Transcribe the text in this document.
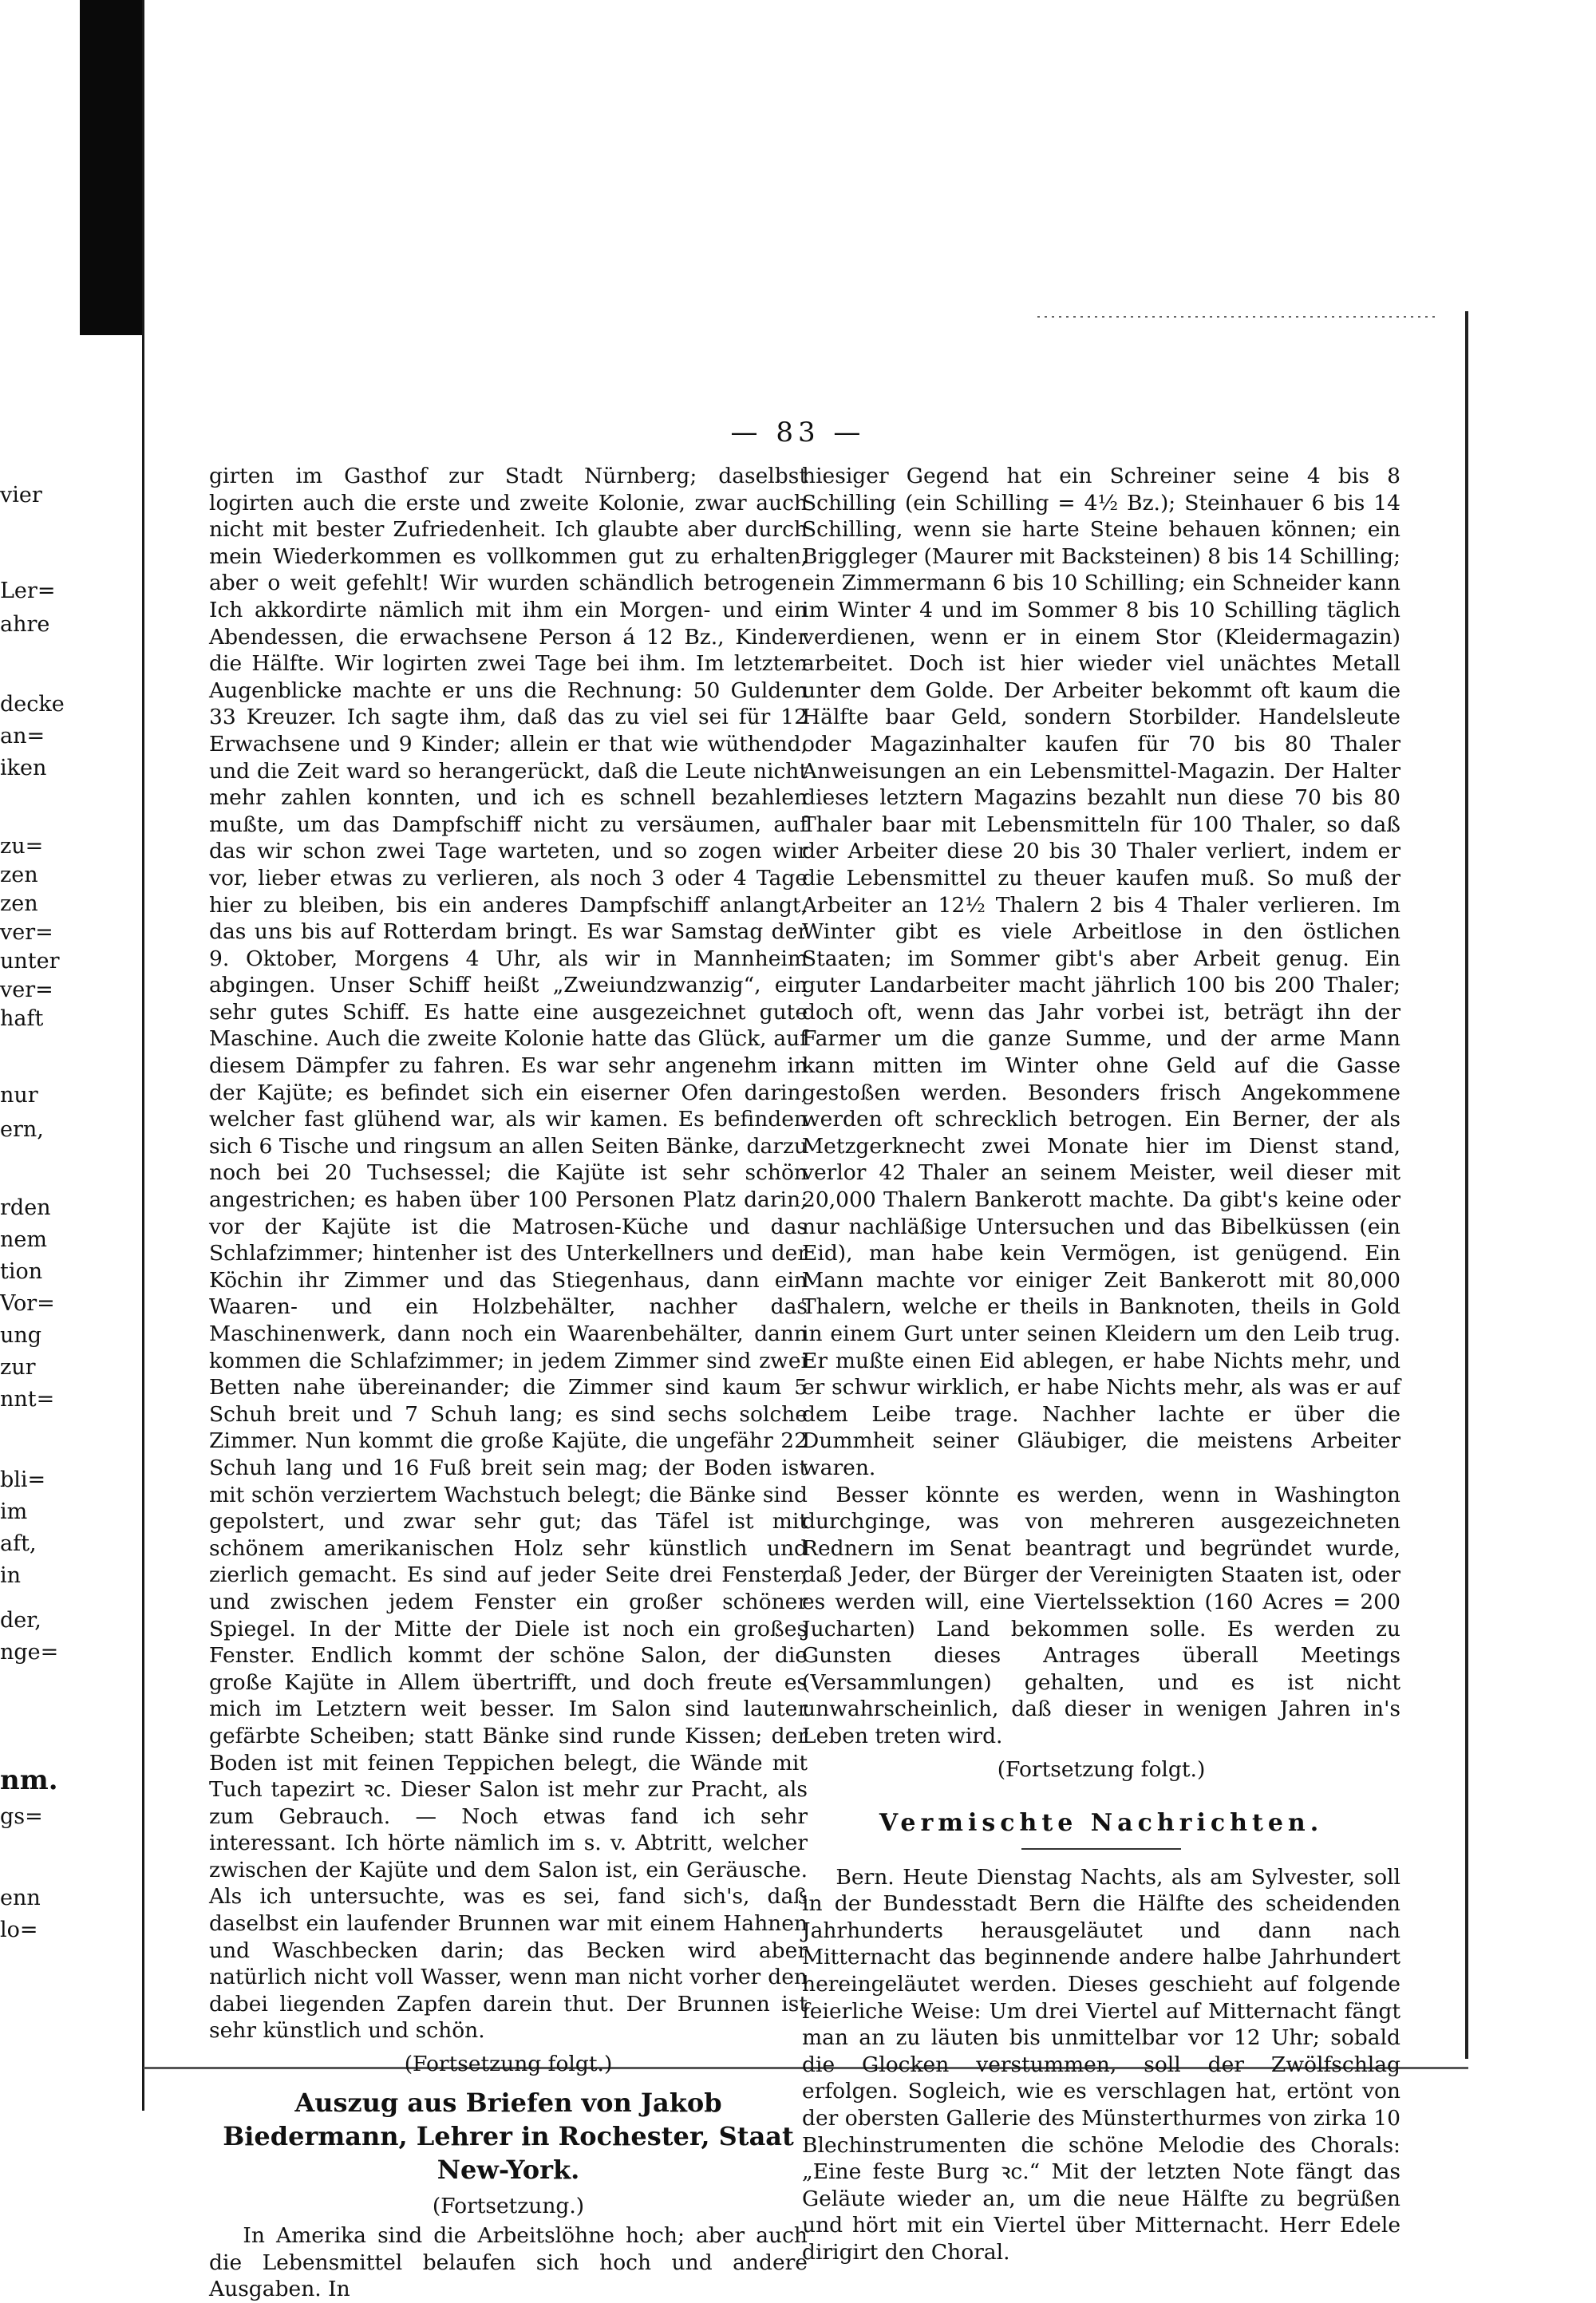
vier
Ler=
ahre
decke
an=
iken
zu=
zen
zen
ver=
unter
ver=
haft
nur
ern,
rden
nem
tion
Vor=
ung
zur
nnt=
bli=
im
aft,
in
der,
nge=
nm.
gs=
enn
lo=
— 83 —

girten im Gasthof zur Stadt Nürnberg; daselbst logirten auch die erste und zweite Kolonie, zwar auch nicht mit bester Zufriedenheit. Ich glaubte aber durch mein Wiederkommen es vollkommen gut zu erhalten, aber o weit gefehlt! Wir wurden schändlich betrogen. Ich akkordirte nämlich mit ihm ein Morgen- und ein Abendessen, die erwachsene Person á 12 Bz., Kinder die Hälfte. Wir logirten zwei Tage bei ihm. Im letzten Augenblicke machte er uns die Rechnung: 50 Gulden 33 Kreuzer. Ich sagte ihm, daß das zu viel sei für 12 Erwachsene und 9 Kinder; allein er that wie wüthend, und die Zeit ward so herangerückt, daß die Leute nicht mehr zahlen konnten, und ich es schnell bezahlen mußte, um das Dampfschiff nicht zu versäumen, auf das wir schon zwei Tage warteten, und so zogen wir vor, lieber etwas zu verlieren, als noch 3 oder 4 Tage hier zu bleiben, bis ein anderes Dampfschiff anlangt, das uns bis auf Rotterdam bringt. Es war Samstag der 9. Oktober, Morgens 4 Uhr, als wir in Mannheim abgingen. Unser Schiff heißt „Zweiundzwanzig“, ein sehr gutes Schiff. Es hatte eine ausgezeichnet gute Maschine. Auch die zweite Kolonie hatte das Glück, auf diesem Dämpfer zu fahren. Es war sehr angenehm in der Kajüte; es befindet sich ein eiserner Ofen darin, welcher fast glühend war, als wir kamen. Es befinden sich 6 Tische und ringsum an allen Seiten Bänke, darzu noch bei 20 Tuchsessel; die Kajüte ist sehr schön angestrichen; es haben über 100 Personen Platz darin; vor der Kajüte ist die Matrosen-Küche und das Schlafzimmer; hintenher ist des Unterkellners und der Köchin ihr Zimmer und das Stiegenhaus, dann ein Waaren- und ein Holzbehälter, nachher das Maschinenwerk, dann noch ein Waarenbehälter, dann kommen die Schlafzimmer; in jedem Zimmer sind zwei Betten nahe übereinander; die Zimmer sind kaum 5 Schuh breit und 7 Schuh lang; es sind sechs solche Zimmer. Nun kommt die große Kajüte, die ungefähr 22 Schuh lang und 16 Fuß breit sein mag; der Boden ist mit schön verziertem Wachstuch belegt; die Bänke sind gepolstert, und zwar sehr gut; das Täfel ist mit schönem amerikanischen Holz sehr künstlich und zierlich gemacht. Es sind auf jeder Seite drei Fenster, und zwischen jedem Fenster ein großer schöner Spiegel. In der Mitte der Diele ist noch ein großes Fenster. Endlich kommt der schöne Salon, der die große Kajüte in Allem übertrifft, und doch freute es mich im Letztern weit besser. Im Salon sind lauter gefärbte Scheiben; statt Bänke sind runde Kissen; der Boden ist mit feinen Teppichen belegt, die Wände mit Tuch tapezirt ꝛc. Dieser Salon ist mehr zur Pracht, als zum Gebrauch. — Noch etwas fand ich sehr interessant. Ich hörte nämlich im s. v. Abtritt, welcher zwischen der Kajüte und dem Salon ist, ein Geräusche. Als ich untersuchte, was es sei, fand sich's, daß daselbst ein laufender Brunnen war mit einem Hahnen und Waschbecken darin; das Becken wird aber natürlich nicht voll Wasser, wenn man nicht vorher den dabei liegenden Zapfen darein thut. Der Brunnen ist sehr künstlich und schön.

(Fortsetzung folgt.)
Auszug aus Briefen von Jakob Biedermann, Lehrer in Rochester, Staat New-York.
(Fortsetzung.)

In Amerika sind die Arbeitslöhne hoch; aber auch die Lebensmittel belaufen sich hoch und andere Ausgaben. In

hiesiger Gegend hat ein Schreiner seine 4 bis 8 Schilling (ein Schilling = 4½ Bz.); Steinhauer 6 bis 14 Schilling, wenn sie harte Steine behauen können; ein Briggleger (Maurer mit Backsteinen) 8 bis 14 Schilling; ein Zimmermann 6 bis 10 Schilling; ein Schneider kann im Winter 4 und im Sommer 8 bis 10 Schilling täglich verdienen, wenn er in einem Stor (Kleidermagazin) arbeitet. Doch ist hier wieder viel unächtes Metall unter dem Golde. Der Arbeiter bekommt oft kaum die Hälfte baar Geld, sondern Storbilder. Handelsleute oder Magazinhalter kaufen für 70 bis 80 Thaler Anweisungen an ein Lebensmittel-Magazin. Der Halter dieses letztern Magazins bezahlt nun diese 70 bis 80 Thaler baar mit Lebensmitteln für 100 Thaler, so daß der Arbeiter diese 20 bis 30 Thaler verliert, indem er die Lebensmittel zu theuer kaufen muß. So muß der Arbeiter an 12½ Thalern 2 bis 4 Thaler verlieren. Im Winter gibt es viele Arbeitlose in den östlichen Staaten; im Sommer gibt's aber Arbeit genug. Ein guter Landarbeiter macht jährlich 100 bis 200 Thaler; doch oft, wenn das Jahr vorbei ist, beträgt ihn der Farmer um die ganze Summe, und der arme Mann kann mitten im Winter ohne Geld auf die Gasse gestoßen werden. Besonders frisch Angekommene werden oft schrecklich betrogen. Ein Berner, der als Metzgerknecht zwei Monate hier im Dienst stand, verlor 42 Thaler an seinem Meister, weil dieser mit 20,000 Thalern Bankerott machte. Da gibt's keine oder nur nachläßige Untersuchen und das Bibelküssen (ein Eid), man habe kein Vermögen, ist genügend. Ein Mann machte vor einiger Zeit Bankerott mit 80,000 Thalern, welche er theils in Banknoten, theils in Gold in einem Gurt unter seinen Kleidern um den Leib trug. Er mußte einen Eid ablegen, er habe Nichts mehr, und er schwur wirklich, er habe Nichts mehr, als was er auf dem Leibe trage. Nachher lachte er über die Dummheit seiner Gläubiger, die meistens Arbeiter waren.

Besser könnte es werden, wenn in Washington durchginge, was von mehreren ausgezeichneten Rednern im Senat beantragt und begründet wurde, daß Jeder, der Bürger der Vereinigten Staaten ist, oder es werden will, eine Viertelssektion (160 Acres = 200 Jucharten) Land bekommen solle. Es werden zu Gunsten dieses Antrages überall Meetings (Versammlungen) gehalten, und es ist nicht unwahrscheinlich, daß dieser in wenigen Jahren in's Leben treten wird.

(Fortsetzung folgt.)
Vermischte Nachrichten.

Bern. Heute Dienstag Nachts, als am Sylvester, soll in der Bundesstadt Bern die Hälfte des scheidenden Jahrhunderts herausgeläutet und dann nach Mitternacht das beginnende andere halbe Jahrhundert hereingeläutet werden. Dieses geschieht auf folgende feierliche Weise: Um drei Viertel auf Mitternacht fängt man an zu läuten bis unmittelbar vor 12 Uhr; sobald die Glocken verstummen, soll der Zwölfschlag erfolgen. Sogleich, wie es verschlagen hat, ertönt von der obersten Gallerie des Münsterthurmes von zirka 10 Blechinstrumenten die schöne Melodie des Chorals: „Eine feste Burg ꝛc.“ Mit der letzten Note fängt das Geläute wieder an, um die neue Hälfte zu begrüßen und hört mit ein Viertel über Mitternacht. Herr Edele dirigirt den Choral.
